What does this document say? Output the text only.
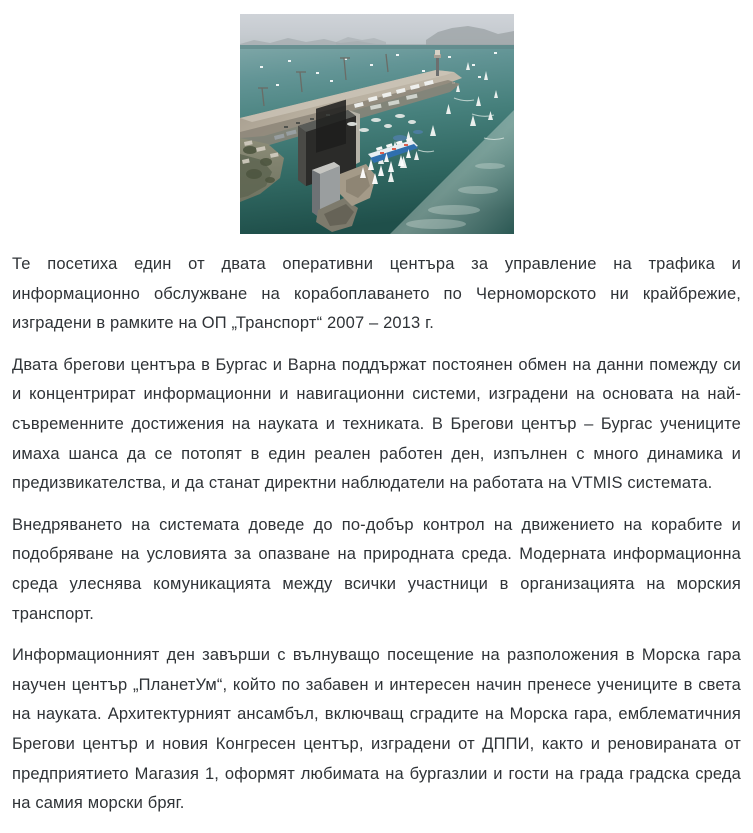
Те посетиха един от двата оперативни центъра за управление на трафика и информационно обслужване на корабоплаването по Черноморското ни крайбрежие, изградени в рамките на ОП „Транспорт“ 2007 – 2013 г.

Двата брегови центъра в Бургас и Варна поддържат постоянен обмен на данни помежду си и концентрират информационни и навигационни системи, изградени на основата на най-съвременните достижения на науката и техниката. В Брегови център – Бургас учениците имаха шанса да се потопят в един реален работен ден, изпълнен с много динамика и предизвикателства, и да станат директни наблюдатели на работата на VTMIS системата.

Внедряването на системата доведе до по-добър контрол на движението на корабите и подобряване на условията за опазване на природната среда. Модерната информационна среда улеснява комуникацията между всички участници в организацията на морския транспорт.

Информационният ден завърши с вълнуващо посещение на разположения в Морска гара научен център „ПланетУм“, който по забавен и интересен начин пренесе учениците в света на науката. Архитектурният ансамбъл, включващ сградите на Морска гара, емблематичния Брегови център и новия Конгресен център, изградени от ДППИ, както и реновираната от предприятието Магазия 1, оформят любимата на бургазлии и гости на града градска среда на самия морски бряг.
